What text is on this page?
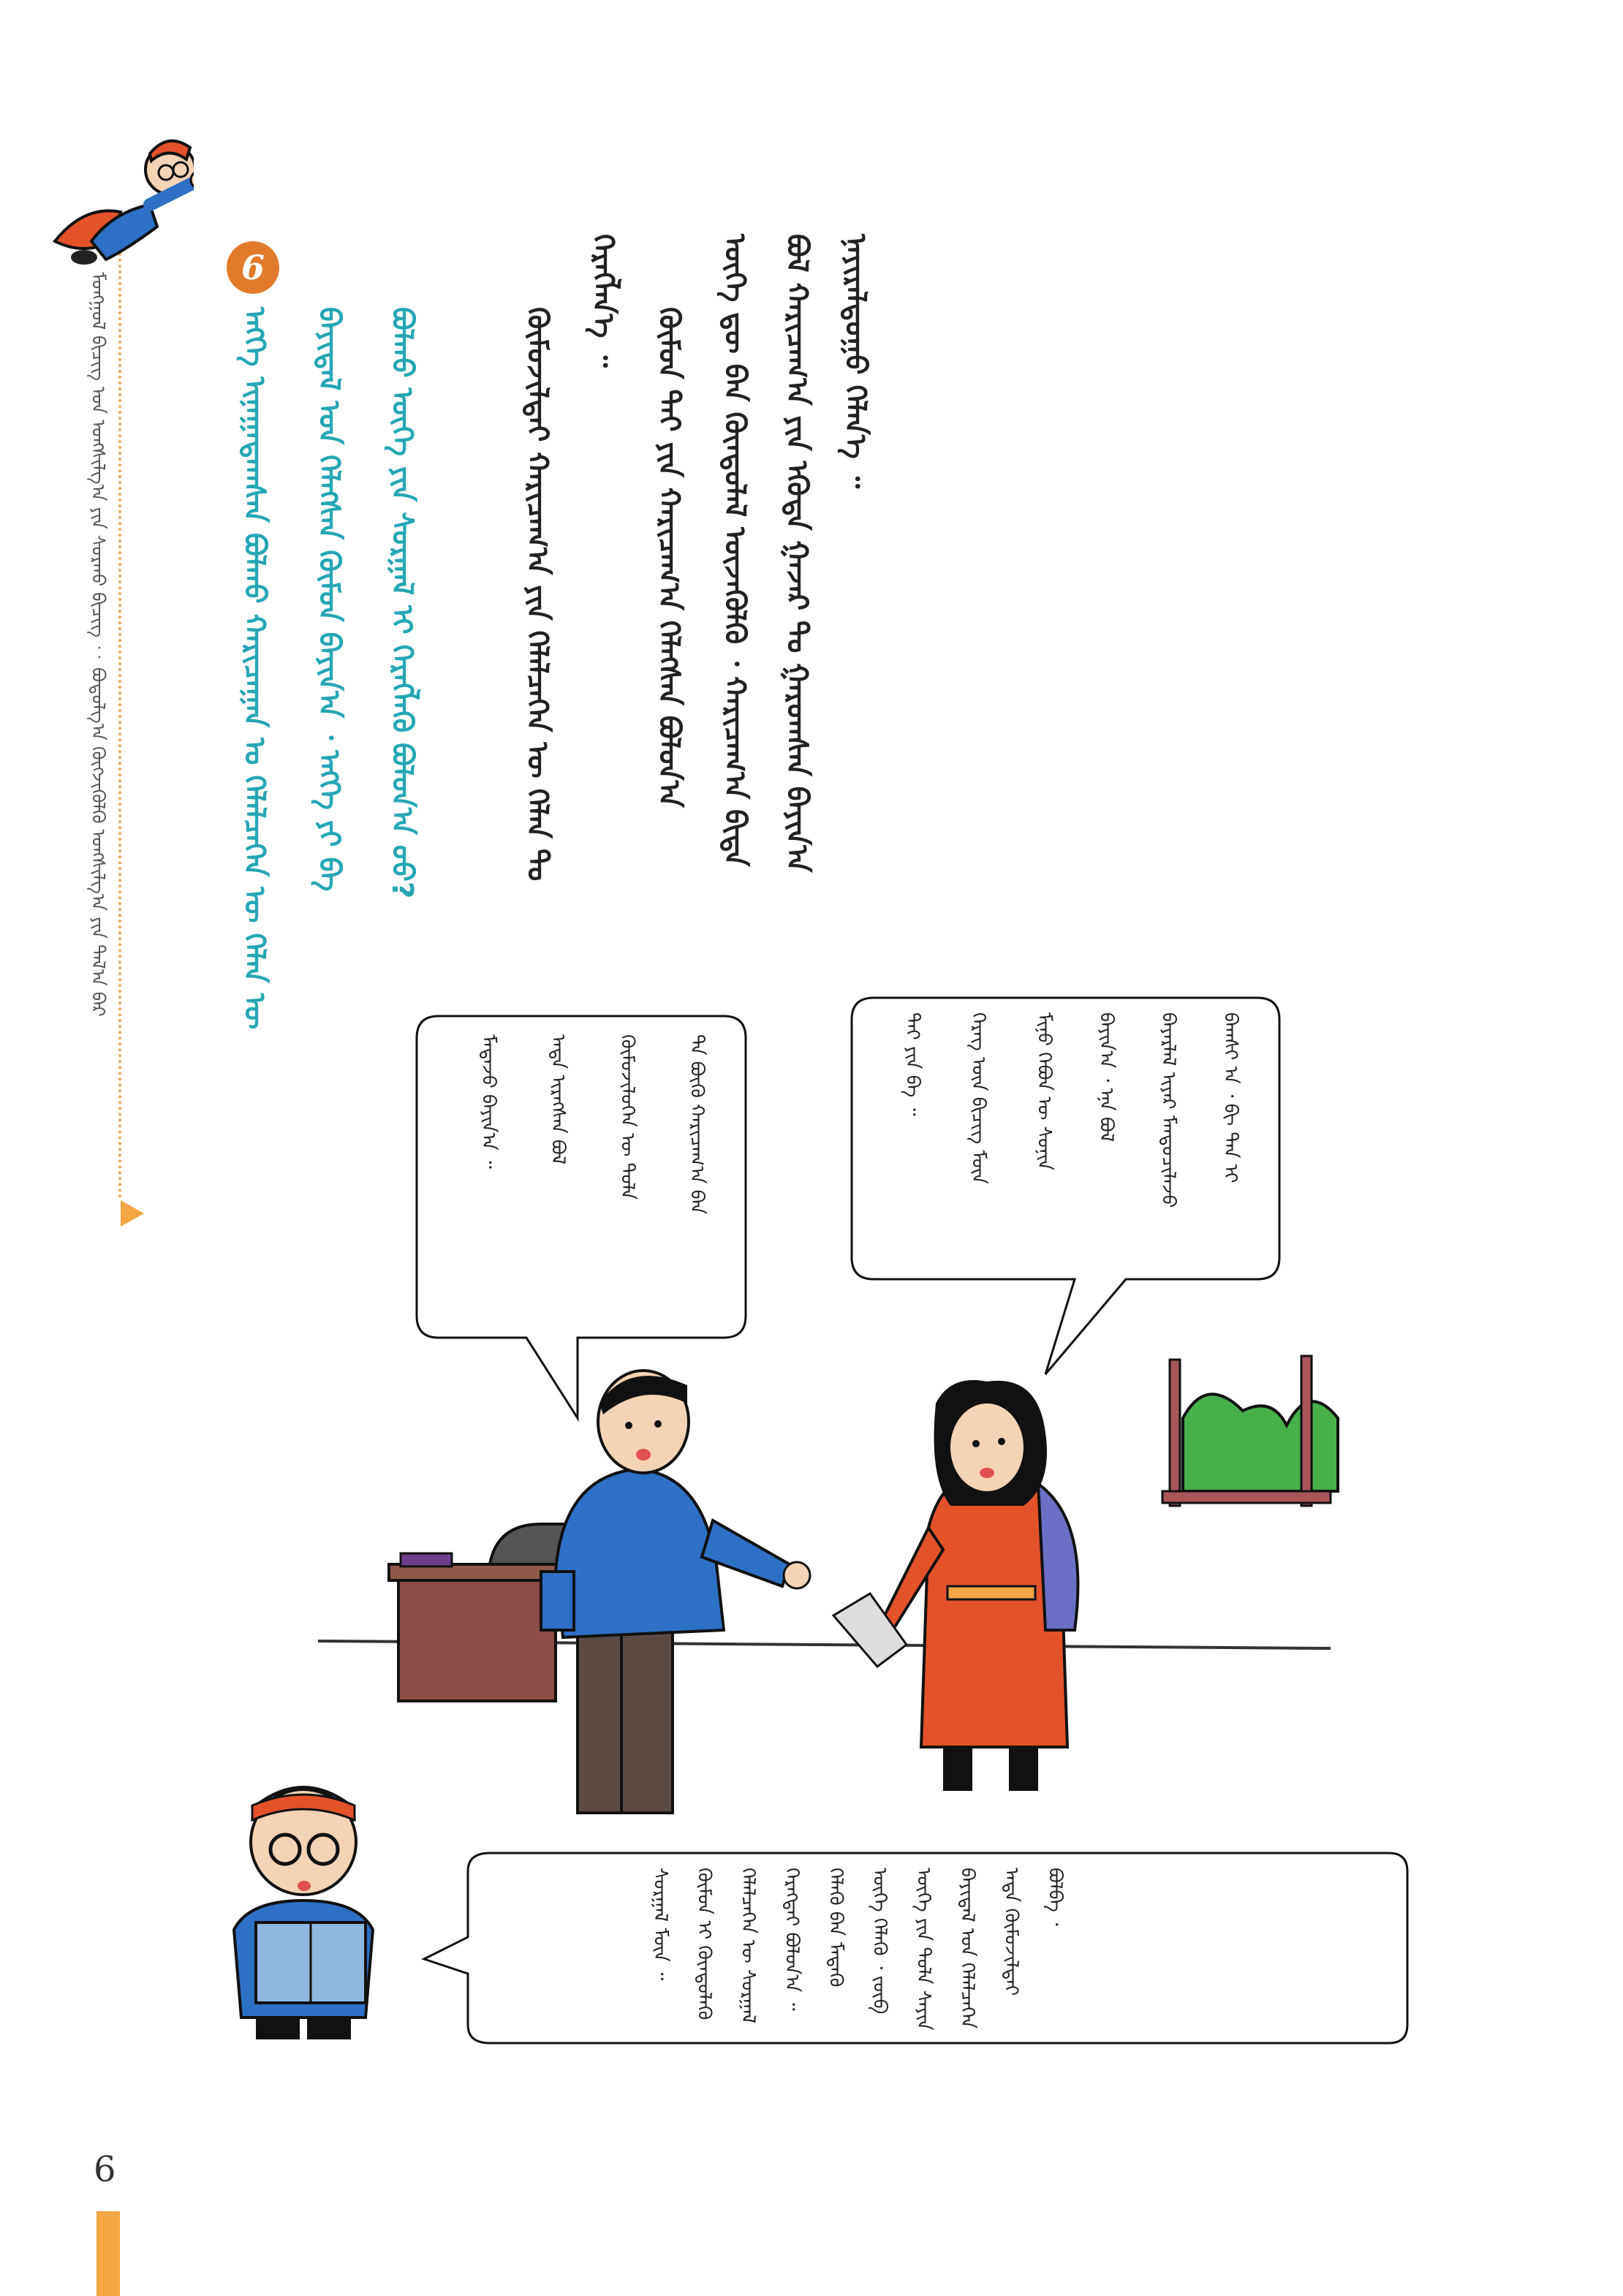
ᠮᠣᠩᠭᠣᠯ ᠪᠢᠴᠢᠭ ᠤᠨ ᠣᠩᠰᠢᠯᠭ᠎ᠠ ᠶᠢᠨ ᠰᠤᠷᠬᠤ ᠪᠢᠴᠢᠭ᠌ ︰ ᠪᠣᠳᠣᠯᠭ᠎ᠠ ᠬᠥᠭᠵᠢᠭᠦᠯᠬᠦ ᠤᠩᠰᠢᠯᠭ᠎ᠠ ᠶᠢᠨ ᠲᠠᠯ᠎ᠠ ᠪᠠᠷ
6
ᠡᠩᠬᠡ ᠢᠨᠠᠭᠠᠳᠠᠭᠰᠠᠨ ᠪᠣᠯᠬᠤ ᠬᠠᠷᠢᠴᠠᠭᠠᠨ ᠤ ᠬᠡᠯᠡᠯᠴᠡᠭᠡᠨ ᠦ ᠬᠡᠯᠡᠨ ᠦ ᠪᠠᠶᠢᠳᠠᠯ ᠤᠨ ᠬᠡᠯᠡᠭᠰᠡᠨ ᠬᠦᠮᠦᠨ ᠪᠠᠶᠢᠨ᠎ᠠ ᠂ ᠡᠩᠬᠡ ᠶᠢ ᠪᠡ ᠪᠣᠯᠬᠤ ᠦᠭᠡ ᠶᠢᠨ ᠰᠤᠷᠭᠠᠯ ᠢ ᠬᠡᠷᠡᠭᠯᠡᠬᠦ ᠪᠣᠯᠤᠨ᠎ᠠ ᠤᠤ?	ᠬᠦᠮᠦᠵᠢᠯᠲᠡᠢ ᠬᠠᠷᠢᠴᠠᠭ᠎ᠠ ᠶᠢᠨ ᠬᠡᠯᠡᠯᠴᠡᠭᠡᠨ ᠦ ᠬᠡᠯᠡᠨ ᠲᠤ
ᠬᠡᠷᠡᠭᠯᠡᠨ᠎ᠡ ᠃
ᠬᠦᠮᠦᠨ ᠲᠡᠢ ᠶᠢᠨ ᠬᠠᠷᠢᠴᠠᠭ᠎ᠠ ᠬᠡᠯᠡᠭᠰᠡᠨ ᠪᠣᠯᠤᠨ᠎ᠠ ᠦᠭᠡ ᠳᠦ ᠪᠡᠨ ᠬᠦᠨᠳᠦᠯᠡᠯ ᠦᠵᠡᠭᠦᠯᠬᠦ ᠂ ᠬᠠᠷᠢᠴᠠᠭ᠎ᠠ ᠪᠢᠳᠡ ᠪᠣᠯ ᠬᠠᠷᠢᠴᠠᠭ᠎ᠠ ᠶᠢᠨ ᠡᠭᠦᠳᠡ ᠭᠠᠵᠠᠷ ᠲᠤ ᠭᠠᠷᠤᠭᠰᠠᠨ ᠪᠠᠶᠢᠨ᠎ᠠ ᠨᠠᠶᠢᠷᠠᠯᠳᠤᠭᠤ ᠬᠡᠯᠡᠨ᠎ᠡ ᠃
ᠪᠠᠭᠰᠢ ᠠ ᠂ ᠪᠢ ᠲᠠᠨ ᠢ
ᠪᠠᠶᠠᠷᠯᠠᠯ ᠢᠶᠠᠷ ᠮᠡᠨᠳᠦᠴᠢᠯᠡᠵᠦ
ᠪᠠᠶᠢᠨ᠎ᠠ ᠂ ᠡᠨᠡ ᠪᠣᠯ
ᠮᠢᠨᠦ ᠬᠡᠪᠦᠨ ᠦ ᠰᠣᠨᠢᠨ
ᠬᠡᠷᠡᠭ ᠦᠨ ᠪᠢᠴᠢᠭ᠌ ᠮᠦᠨ
ᠲᠡᠢ ᠶᠢᠨ ᠪᠡ ᠃
ᠲᠠ ᠪᠦᠬᠦ ᠬᠠᠷᠢᠴᠠᠭ᠎ᠠ ᠪᠠᠨ
ᠬᠦᠮᠦᠵᠢᠯᠦᠭᠡᠨ ᠦ ᠲᠤᠯᠠ
ᠡᠨᠳᠡ ᠢᠷᠡᠭᠰᠡᠨ ᠪᠣᠯ
ᠮᠡᠳᠡᠵᠦ ᠪᠠᠶᠢᠨ᠎ᠠ ᠃
ᠪᠣᠯᠪᠠ ᠂
ᠡᠨᠳᠡ ᠬᠦᠮᠦᠵᠢᠯᠲᠡᠢ
ᠪᠠᠶᠢᠳᠠᠯ ᠤᠨ ᠬᠡᠯᠡᠯᠴᠡᠭᠡᠨ
ᠦᠭᠡ ᠶᠢᠨ ᠲᠤᠯᠠ ᠰᠠᠶᠢᠨ
ᠦᠭᠡ ᠬᠡᠯᠡᠬᠦ ᠂ ᠵᠥᠪ
ᠬᠡᠯᠡᠬᠦ ᠪᠡᠨ ᠮᠡᠳᠡᠬᠦ
ᠬᠡᠷᠡᠭᠲᠡᠢ ᠪᠣᠯᠤᠨ᠎ᠠ ᠃
ᠬᠡᠯᠡᠯᠴᠡᠭᠡᠨ ᠦ ᠰᠤᠷᠭᠠᠯ
ᠬᠦᠮᠦᠨ ᠢ ᠬᠦᠨᠳᠦᠯᠡᠬᠦ
ᠰᠤᠷᠭᠠᠯ ᠮᠥᠨ ᠃
6
